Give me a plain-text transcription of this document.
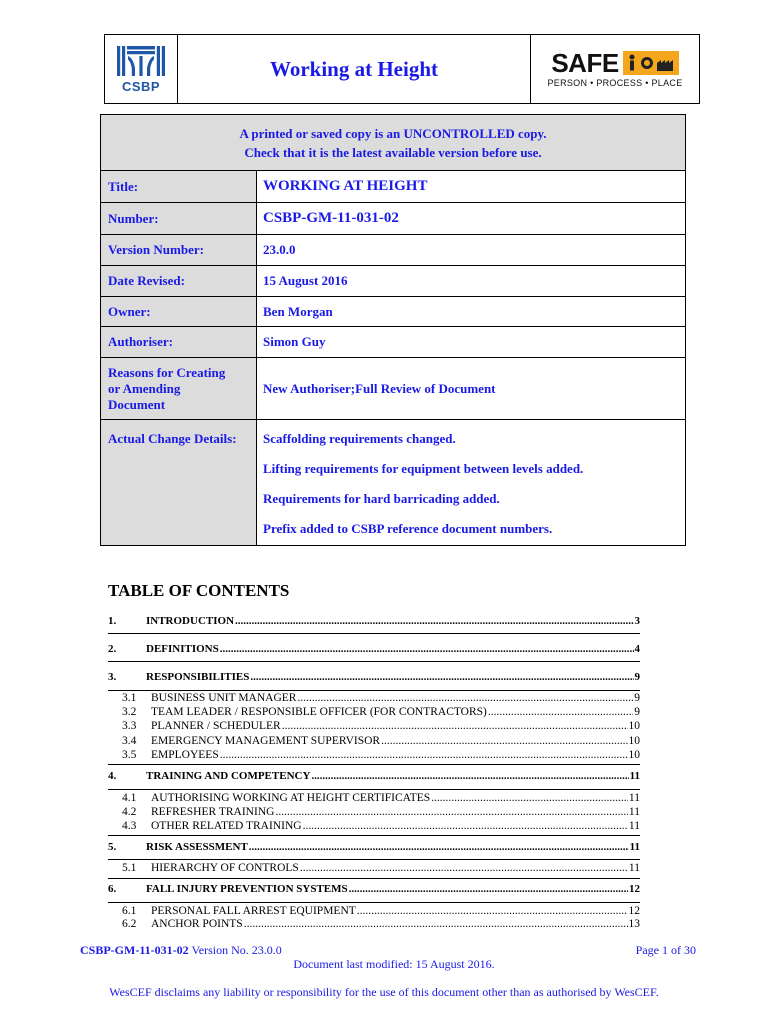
CSBP
Working at Height	SAFE
PERSON • PROCESS • PLACE
A printed or saved copy is an UNCONTROLLED copy.
Check that it is the latest available version before use.	

Title:	WORKING AT HEIGHT
Number:	CSBP-GM-11-031-02
Version Number:	23.0.0
Date Revised:	15 August 2016
Owner:	Ben Morgan
Authoriser:	Simon Guy

Reasons for Creating
or Amending
Document	New Authoriser;Full Review of Document
Actual Change Details:	Scaffolding requirements changed.
Lifting requirements for equipment between levels added.
Requirements for hard barricading added.
Prefix added to CSBP reference document numbers.
TABLE OF CONTENTS
1.	INTRODUCTION .....	3
2.	DEFINITIONS .....	4
3.	RESPONSIBILITIES .....	9
3.1	BUSINESS UNIT MANAGER .....	9
3.2	TEAM LEADER / RESPONSIBLE OFFICER (FOR CONTRACTORS) .....	9
3.3	PLANNER / SCHEDULER .....	10
3.4	EMERGENCY MANAGEMENT SUPERVISOR .....	10
3.5	EMPLOYEES .....	10
4.	TRAINING AND COMPETENCY .....	11
4.1	AUTHORISING WORKING AT HEIGHT CERTIFICATES .....	11
4.2	REFRESHER TRAINING .....	11
4.3	OTHER RELATED TRAINING .....	11
5.	RISK ASSESSMENT .....	11
5.1	HIERARCHY OF CONTROLS .....	11
6.	FALL INJURY PREVENTION SYSTEMS .....	12
6.1	PERSONAL FALL ARREST EQUIPMENT .....	12
6.2	ANCHOR POINTS .....	13
CSBP-GM-11-031-02 Version No. 23.0.0	Page 1 of 30
Document last modified: 15 August 2016.
WesCEF disclaims any liability or responsibility for the use of this document other than as authorised by WesCEF.
